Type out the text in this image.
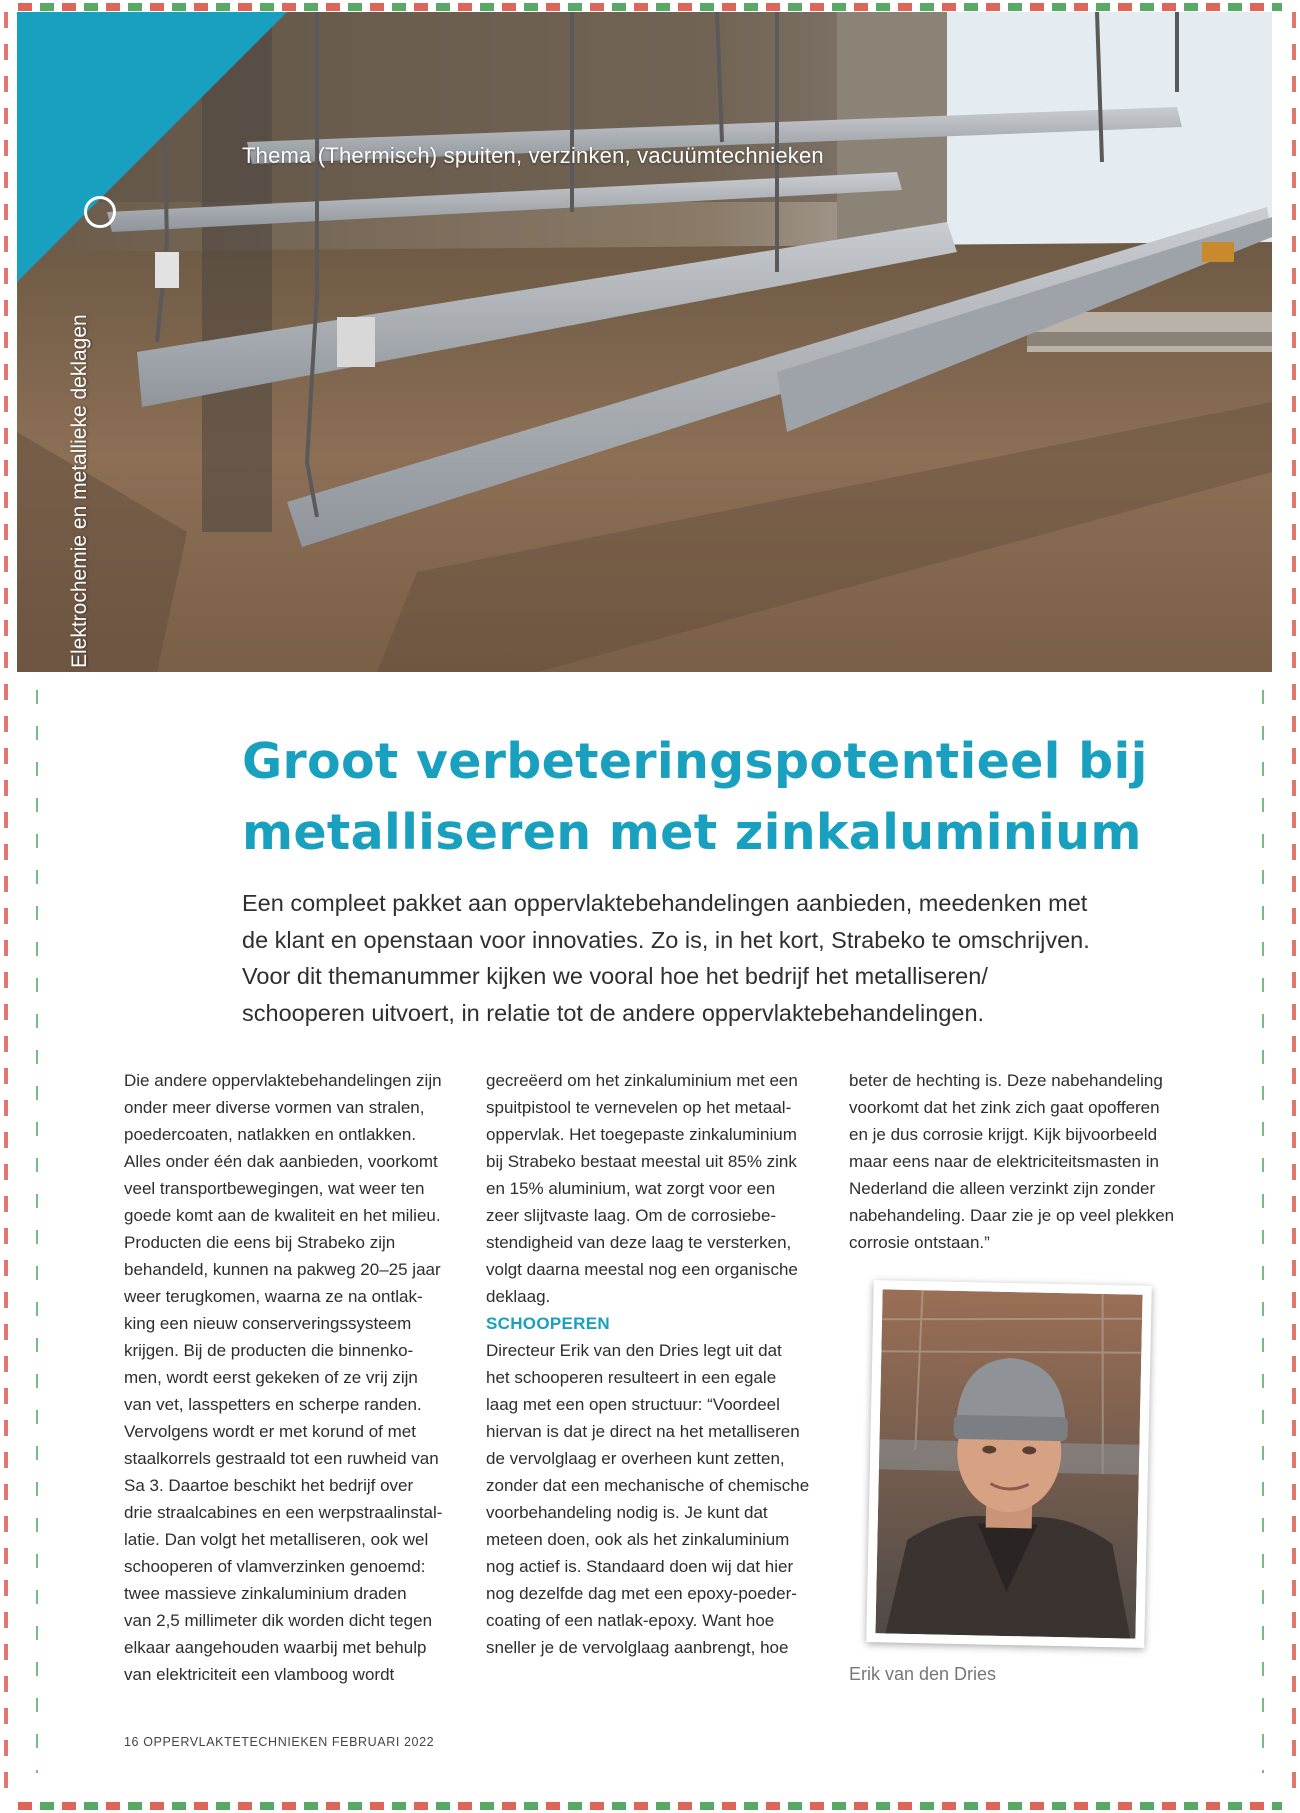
Thema (Thermisch) spuiten, verzinken, vacuümtechnieken
Elektrochemie en metallieke deklagen
Groot verbeteringspotentieel bij
metalliseren met zinkaluminium

Een compleet pakket aan oppervlaktebehandelingen aanbieden, meedenken met
de klant en openstaan voor innovaties. Zo is, in het kort, Strabeko te omschrijven.
Voor dit themanummer kijken we vooral hoe het bedrijf het metalliseren/
schooperen uitvoert, in relatie tot de andere oppervlaktebehandelingen.

Die andere oppervlaktebehandelingen zijn
onder meer diverse vormen van stralen,
poedercoaten, natlakken en ontlakken.
Alles onder één dak aanbieden, voorkomt
veel transportbewegingen, wat weer ten
goede komt aan de kwaliteit en het milieu.
Producten die eens bij Strabeko zijn
behandeld, kunnen na pakweg 20–25 jaar
weer terugkomen, waarna ze na ontlak-
king een nieuw conserveringssysteem
krijgen. Bij de producten die binnenko-
men, wordt eerst gekeken of ze vrij zijn
van vet, lasspetters en scherpe randen.
Vervolgens wordt er met korund of met
staalkorrels gestraald tot een ruwheid van
Sa 3. Daartoe beschikt het bedrijf over
drie straalcabines en een werpstraalinstal-
latie. Dan volgt het metalliseren, ook wel
schooperen of vlamverzinken genoemd:
twee massieve zinkaluminium draden
van 2,5 millimeter dik worden dicht tegen
elkaar aangehouden waarbij met behulp
van elektriciteit een vlamboog wordt

gecreëerd om het zinkaluminium met een
spuitpistool te vernevelen op het metaal-
oppervlak. Het toegepaste zinkaluminium
bij Strabeko bestaat meestal uit 85% zink
en 15% aluminium, wat zorgt voor een
zeer slijtvaste laag. Om de corrosiebe-
stendigheid van deze laag te versterken,
volgt daarna meestal nog een organische
deklaag.

SCHOOPEREN

Directeur Erik van den Dries legt uit dat
het schooperen resulteert in een egale
laag met een open structuur: “Voordeel
hiervan is dat je direct na het metalliseren
de vervolglaag er overheen kunt zetten,
zonder dat een mechanische of chemische
voorbehandeling nodig is. Je kunt dat
meteen doen, ook als het zinkaluminium
nog actief is. Standaard doen wij dat hier
nog dezelfde dag met een epoxy-poeder-
coating of een natlak-epoxy. Want hoe
sneller je de vervolglaag aanbrengt, hoe

beter de hechting is. Deze nabehandeling
voorkomt dat het zink zich gaat opofferen
en je dus corrosie krijgt. Kijk bijvoorbeeld
maar eens naar de elektriciteitsmasten in
Nederland die alleen verzinkt zijn zonder
nabehandeling. Daar zie je op veel plekken
corrosie ontstaan.”

Erik van den Dries
16 OPPERVLAKTETECHNIEKEN FEBRUARI 2022
